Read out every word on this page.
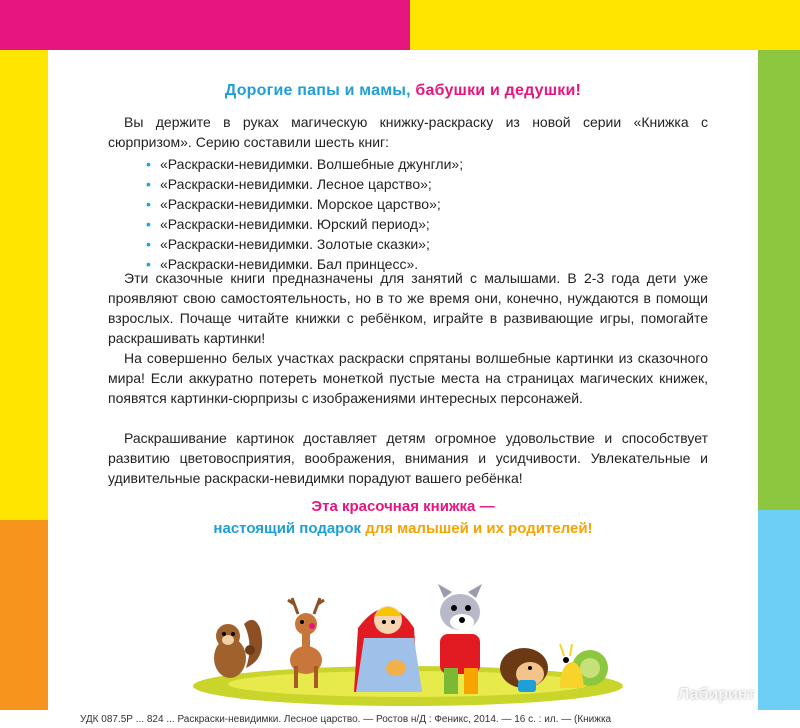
Дорогие папы и мамы, бабушки и дедушки!
Вы держите в руках магическую книжку-раскраску из новой серии «Книжка с сюрпризом». Серию составили шесть книг:
• «Раскраски-невидимки. Волшебные джунгли»;
• «Раскраски-невидимки. Лесное царство»;
• «Раскраски-невидимки. Морское царство»;
• «Раскраски-невидимки. Юрский период»;
• «Раскраски-невидимки. Золотые сказки»;
• «Раскраски-невидимки. Бал принцесс».
Эти сказочные книги предназначены для занятий с малышами. В 2-3 года дети уже проявляют свою самостоятельность, но в то же время они, конечно, нуждаются в помощи взрослых. Почаще читайте книжки с ребёнком, играйте в развивающие игры, помогайте раскрашивать картинки!
На совершенно белых участках раскраски спрятаны волшебные картинки из сказочного мира! Если аккуратно потереть монеткой пустые места на страницах магических книжек, появятся картинки-сюрпризы с изображениями интересных персонажей.
Раскрашивание картинок доставляет детям огромное удовольствие и способствует развитию цветовосприятия, воображения, внимания и усидчивости. Увлекательные и удивительные раскраски-невидимки порадуют вашего ребёнка!
Эта красочная книжка —
настоящий подарок для малышей и их родителей!
УДК 087.5Р ... 824 ... Раскраски-невидимки. Лесное царство. — Ростов н/Д : Феникс, 2014. — 16 с. : ил. — (Книжка
Лабиринт
